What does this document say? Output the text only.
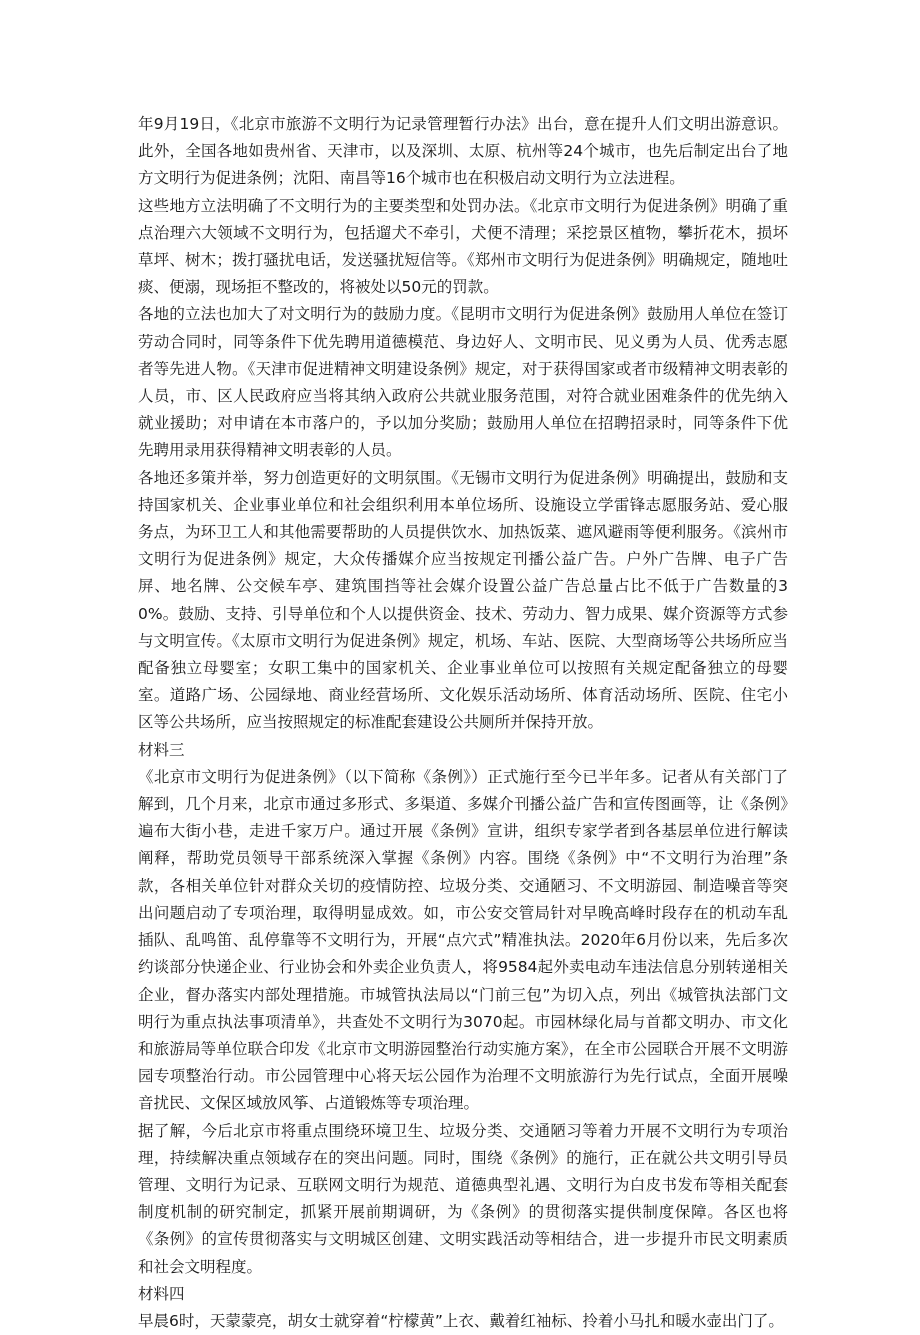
年9月19日，《北京市旅游不文明行为记录管理暂行办法》出台，意在提升人们文明出游意识。此外，全国各地如贵州省、天津市，以及深圳、太原、杭州等24个城市，也先后制定出台了地方文明行为促进条例；沈阳、南昌等16个城市也在积极启动文明行为立法进程。

这些地方立法明确了不文明行为的主要类型和处罚办法。《北京市文明行为促进条例》明确了重点治理六大领域不文明行为，包括遛犬不牵引，犬便不清理；采挖景区植物，攀折花木，损坏草坪、树木；拨打骚扰电话，发送骚扰短信等。《郑州市文明行为促进条例》明确规定，随地吐痰、便溺，现场拒不整改的，将被处以50元的罚款。

各地的立法也加大了对文明行为的鼓励力度。《昆明市文明行为促进条例》鼓励用人单位在签订劳动合同时，同等条件下优先聘用道德模范、身边好人、文明市民、见义勇为人员、优秀志愿者等先进人物。《天津市促进精神文明建设条例》规定，对于获得国家或者市级精神文明表彰的人员，市、区人民政府应当将其纳入政府公共就业服务范围，对符合就业困难条件的优先纳入就业援助；对申请在本市落户的，予以加分奖励；鼓励用人单位在招聘招录时，同等条件下优先聘用录用获得精神文明表彰的人员。

各地还多策并举，努力创造更好的文明氛围。《无锡市文明行为促进条例》明确提出，鼓励和支持国家机关、企业事业单位和社会组织利用本单位场所、设施设立学雷锋志愿服务站、爱心服务点，为环卫工人和其他需要帮助的人员提供饮水、加热饭菜、遮风避雨等便利服务。《滨州市文明行为促进条例》规定，大众传播媒介应当按规定刊播公益广告。户外广告牌、电子广告屏、地名牌、公交候车亭、建筑围挡等社会媒介设置公益广告总量占比不低于广告数量的30%。鼓励、支持、引导单位和个人以提供资金、技术、劳动力、智力成果、媒介资源等方式参与文明宣传。《太原市文明行为促进条例》规定，机场、车站、医院、大型商场等公共场所应当配备独立母婴室；女职工集中的国家机关、企业事业单位可以按照有关规定配备独立的母婴室。道路广场、公园绿地、商业经营场所、文化娱乐活动场所、体育活动场所、医院、住宅小区等公共场所，应当按照规定的标准配套建设公共厕所并保持开放。

材料三

《北京市文明行为促进条例》（以下简称《条例》）正式施行至今已半年多。记者从有关部门了解到，几个月来，北京市通过多形式、多渠道、多媒介刊播公益广告和宣传图画等，让《条例》遍布大街小巷，走进千家万户。通过开展《条例》宣讲，组织专家学者到各基层单位进行解读阐释，帮助党员领导干部系统深入掌握《条例》内容。围绕《条例》中“不文明行为治理”条款，各相关单位针对群众关切的疫情防控、垃圾分类、交通陋习、不文明游园、制造噪音等突出问题启动了专项治理，取得明显成效。如，市公安交管局针对早晚高峰时段存在的机动车乱插队、乱鸣笛、乱停靠等不文明行为，开展“点穴式”精准执法。2020年6月份以来，先后多次约谈部分快递企业、行业协会和外卖企业负责人，将9584起外卖电动车违法信息分别转递相关企业，督办落实内部处理措施。市城管执法局以“门前三包”为切入点，列出《城管执法部门文明行为重点执法事项清单》，共查处不文明行为3070起。市园林绿化局与首都文明办、市文化和旅游局等单位联合印发《北京市文明游园整治行动实施方案》，在全市公园联合开展不文明游园专项整治行动。市公园管理中心将天坛公园作为治理不文明旅游行为先行试点，全面开展噪音扰民、文保区域放风筝、占道锻炼等专项治理。

据了解，今后北京市将重点围绕环境卫生、垃圾分类、交通陋习等着力开展不文明行为专项治理，持续解决重点领域存在的突出问题。同时，围绕《条例》的施行，正在就公共文明引导员管理、文明行为记录、互联网文明行为规范、道德典型礼遇、文明行为白皮书发布等相关配套制度机制的研究制定，抓紧开展前期调研，为《条例》的贯彻落实提供制度保障。各区也将《条例》的宣传贯彻落实与文明城区创建、文明实践活动等相结合，进一步提升市民文明素质和社会文明程度。

材料四

早晨6时，天蒙蒙亮，胡女士就穿着“柠檬黄”上衣、戴着红袖标、拎着小马扎和暖水壶出门了。
